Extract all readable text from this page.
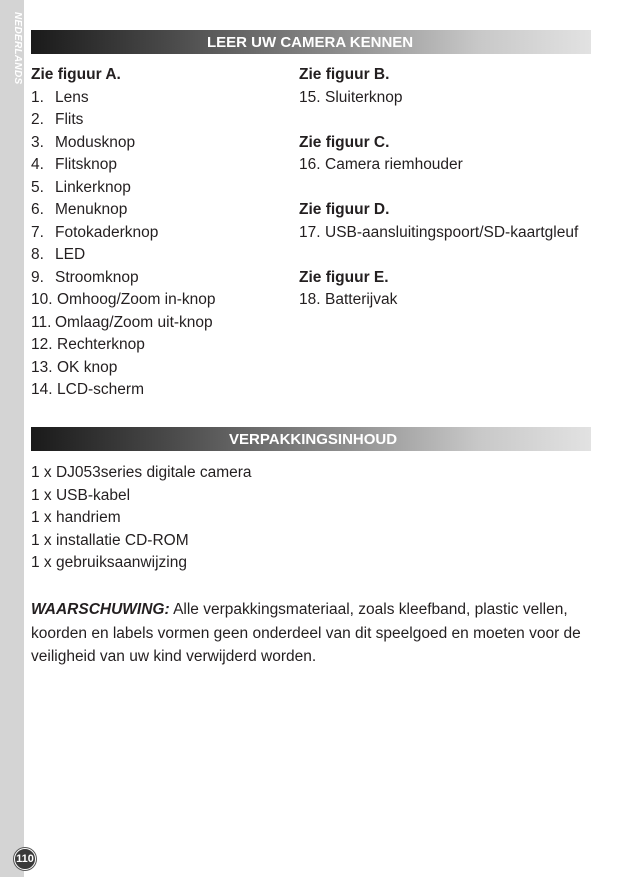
NEDERLANDS
110
LEER UW CAMERA KENNEN
Zie figuur A.
1. Lens
2. Flits
3. Modusknop
4. Flitsknop
5. Linkerknop
6. Menuknop
7. Fotokaderknop
8. LED
9. Stroomknop
10. Omhoog/Zoom in-knop
11. Omlaag/Zoom uit-knop
12. Rechterknop
13. OK knop
14. LCD-scherm
Zie figuur B.
15. Sluiterknop
Zie figuur C.
16. Camera riemhouder
Zie figuur D.
17. USB-aansluitingspoort/SD-kaartgleuf
Zie figuur E.
18. Batterijvak
VERPAKKINGSINHOUD
1 x DJ053series digitale camera
1 x USB-kabel
1 x handriem
1 x installatie CD-ROM
1 x gebruiksaanwijzing
WAARSCHUWING: Alle verpakkingsmateriaal, zoals kleefband, plastic vellen, koorden en labels vormen geen onderdeel van dit speelgoed en moeten voor de veiligheid van uw kind verwijderd worden.
